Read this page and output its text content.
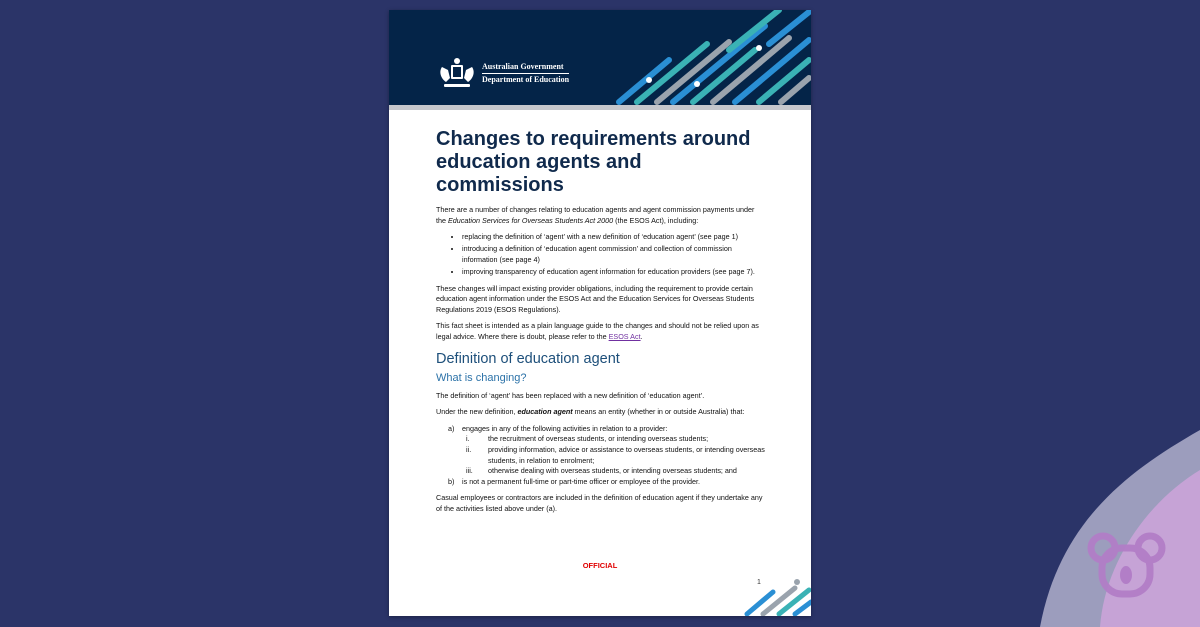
Australian Government
Department of Education
Changes to requirements around education agents and commissions

There are a number of changes relating to education agents and agent commission payments under the Education Services for Overseas Students Act 2000 (the ESOS Act), including:

• replacing the definition of ‘agent’ with a new definition of ‘education agent’ (see page 1)
• introducing a definition of ‘education agent commission’ and collection of commission information (see page 4)
• improving transparency of education agent information for education providers (see page 7).

These changes will impact existing provider obligations, including the requirement to provide certain education agent information under the ESOS Act and the Education Services for Overseas Students Regulations 2019 (ESOS Regulations).

This fact sheet is intended as a plain language guide to the changes and should not be relied upon as legal advice. Where there is doubt, please refer to the ESOS Act.

Definition of education agent
What is changing?

The definition of ‘agent’ has been replaced with a new definition of ‘education agent’.

Under the new definition, education agent means an entity (whether in or outside Australia) that:

a) engages in any of the following activities in relation to a provider:
i.	the recruitment of overseas students, or intending overseas students;
ii.	providing information, advice or assistance to overseas students, or intending overseas students, in relation to enrolment;
iii.	otherwise dealing with overseas students, or intending overseas students; and
b) is not a permanent full-time or part-time officer or employee of the provider.

Casual employees or contractors are included in the definition of education agent if they undertake any of the activities listed above under (a).

OFFICIAL
1
